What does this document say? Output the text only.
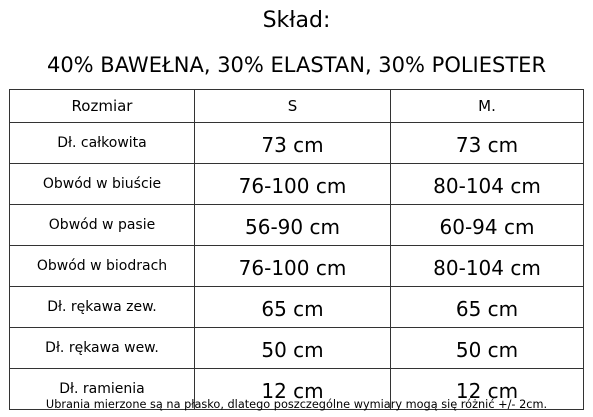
Skład:
40% BAWEŁNA, 30% ELASTAN, 30% POLIESTER
Rozmiar	S	M.
Dł. całkowita	73 cm	73 cm
Obwód w biuście	76-100 cm	80-104 cm
Obwód w pasie	56-90 cm	60-94 cm
Obwód w biodrach	76-100 cm	80-104 cm
Dł. rękawa zew.	65 cm	65 cm
Dł. rękawa wew.	50 cm	50 cm
Dł. ramienia	12 cm	12 cm
Ubrania mierzone są na płasko, dlatego poszczególne wymiary mogą się różnić +/- 2cm.
